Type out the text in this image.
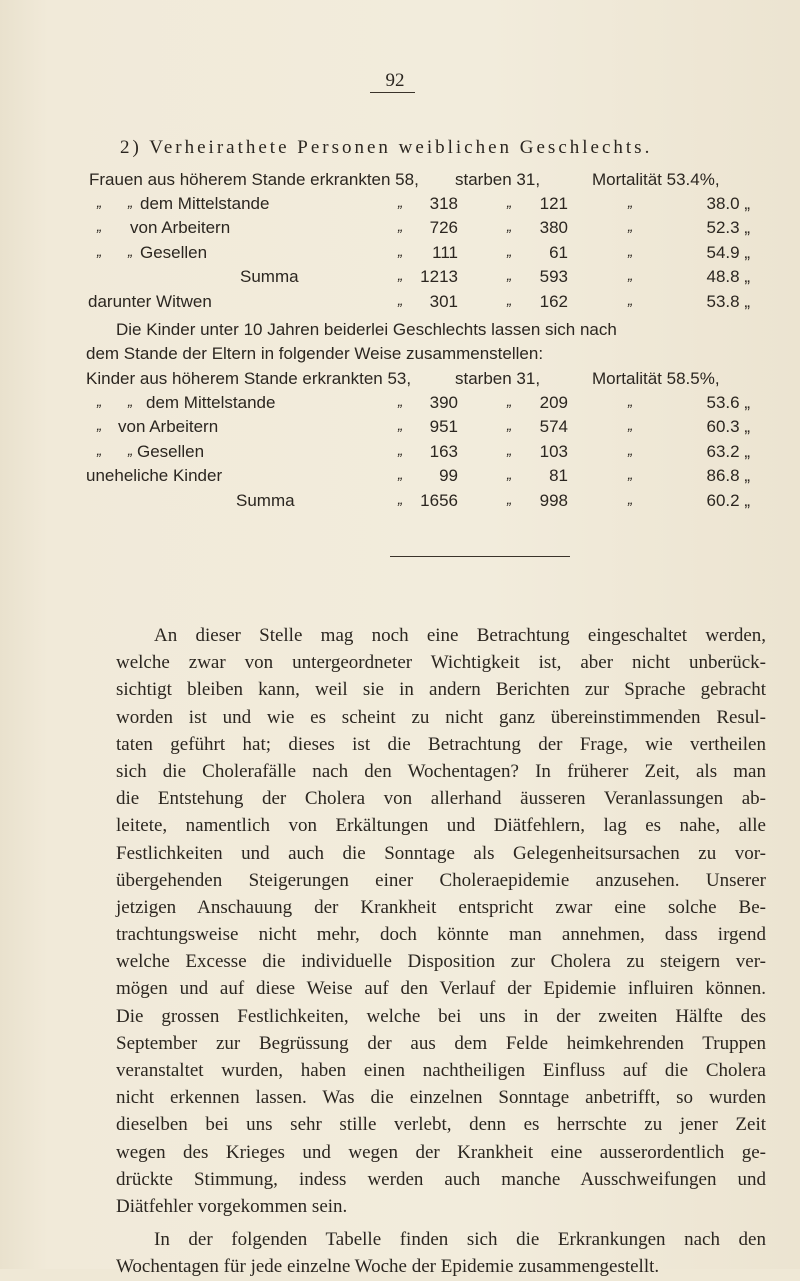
92
2) Verheirathete Personen weiblichen Geschlechts.
Frauen aus höherem Stande erkrankten 58, starben 31,	Mortalität 53.4%,
„ „ dem Mittelstande	„ 318	„ 121	„	38.0 „
„ von Arbeitern	„ 726	„ 380	„	52.3 „
„ „ Gesellen	„ 111	„ 61	„	54.9 „
Summa	„ 1213	„ 593	„	48.8 „
darunter Witwen	„ 301	„ 162	„	53.8 „
Die Kinder unter 10 Jahren beiderlei Geschlechts lassen sich nach
dem Stande der Eltern in folgender Weise zusammenstellen:
Kinder aus höherem Stande erkrankten 53,	starben 31,	Mortalität 58.5%,
„ „ dem Mittelstande	„ 390	„ 209	„	53.6 „
„ von Arbeitern	„ 951	„ 574	„	60.3 „
„ „ Gesellen	„ 163	„ 103	„	63.2 „
uneheliche Kinder	„ 99	„ 81	„	86.8 „
Summa	„ 1656	„ 998	„	60.2 „
An dieser Stelle mag noch eine Betrachtung eingeschaltet werden,
welche zwar von untergeordneter Wichtigkeit ist, aber nicht unberück-
sichtigt bleiben kann, weil sie in andern Berichten zur Sprache gebracht
worden ist und wie es scheint zu nicht ganz übereinstimmenden Resul-
taten geführt hat; dieses ist die Betrachtung der Frage, wie vertheilen
sich die Cholerafälle nach den Wochentagen? In früherer Zeit, als man
die Entstehung der Cholera von allerhand äusseren Veranlassungen ab-
leitete, namentlich von Erkältungen und Diätfehlern, lag es nahe, alle
Festlichkeiten und auch die Sonntage als Gelegenheitsursachen zu vor-
übergehenden Steigerungen einer Choleraepidemie anzusehen. Unserer
jetzigen Anschauung der Krankheit entspricht zwar eine solche Be-
trachtungsweise nicht mehr, doch könnte man annehmen, dass irgend
welche Excesse die individuelle Disposition zur Cholera zu steigern ver-
mögen und auf diese Weise auf den Verlauf der Epidemie influiren können.
Die grossen Festlichkeiten, welche bei uns in der zweiten Hälfte des
September zur Begrüssung der aus dem Felde heimkehrenden Truppen
veranstaltet wurden, haben einen nachtheiligen Einfluss auf die Cholera
nicht erkennen lassen. Was die einzelnen Sonntage anbetrifft, so wurden
dieselben bei uns sehr stille verlebt, denn es herrschte zu jener Zeit
wegen des Krieges und wegen der Krankheit eine ausserordentlich ge-
drückte Stimmung, indess werden auch manche Ausschweifungen und
Diätfehler vorgekommen sein.
In der folgenden Tabelle finden sich die Erkrankungen nach den
Wochentagen für jede einzelne Woche der Epidemie zusammengestellt.
